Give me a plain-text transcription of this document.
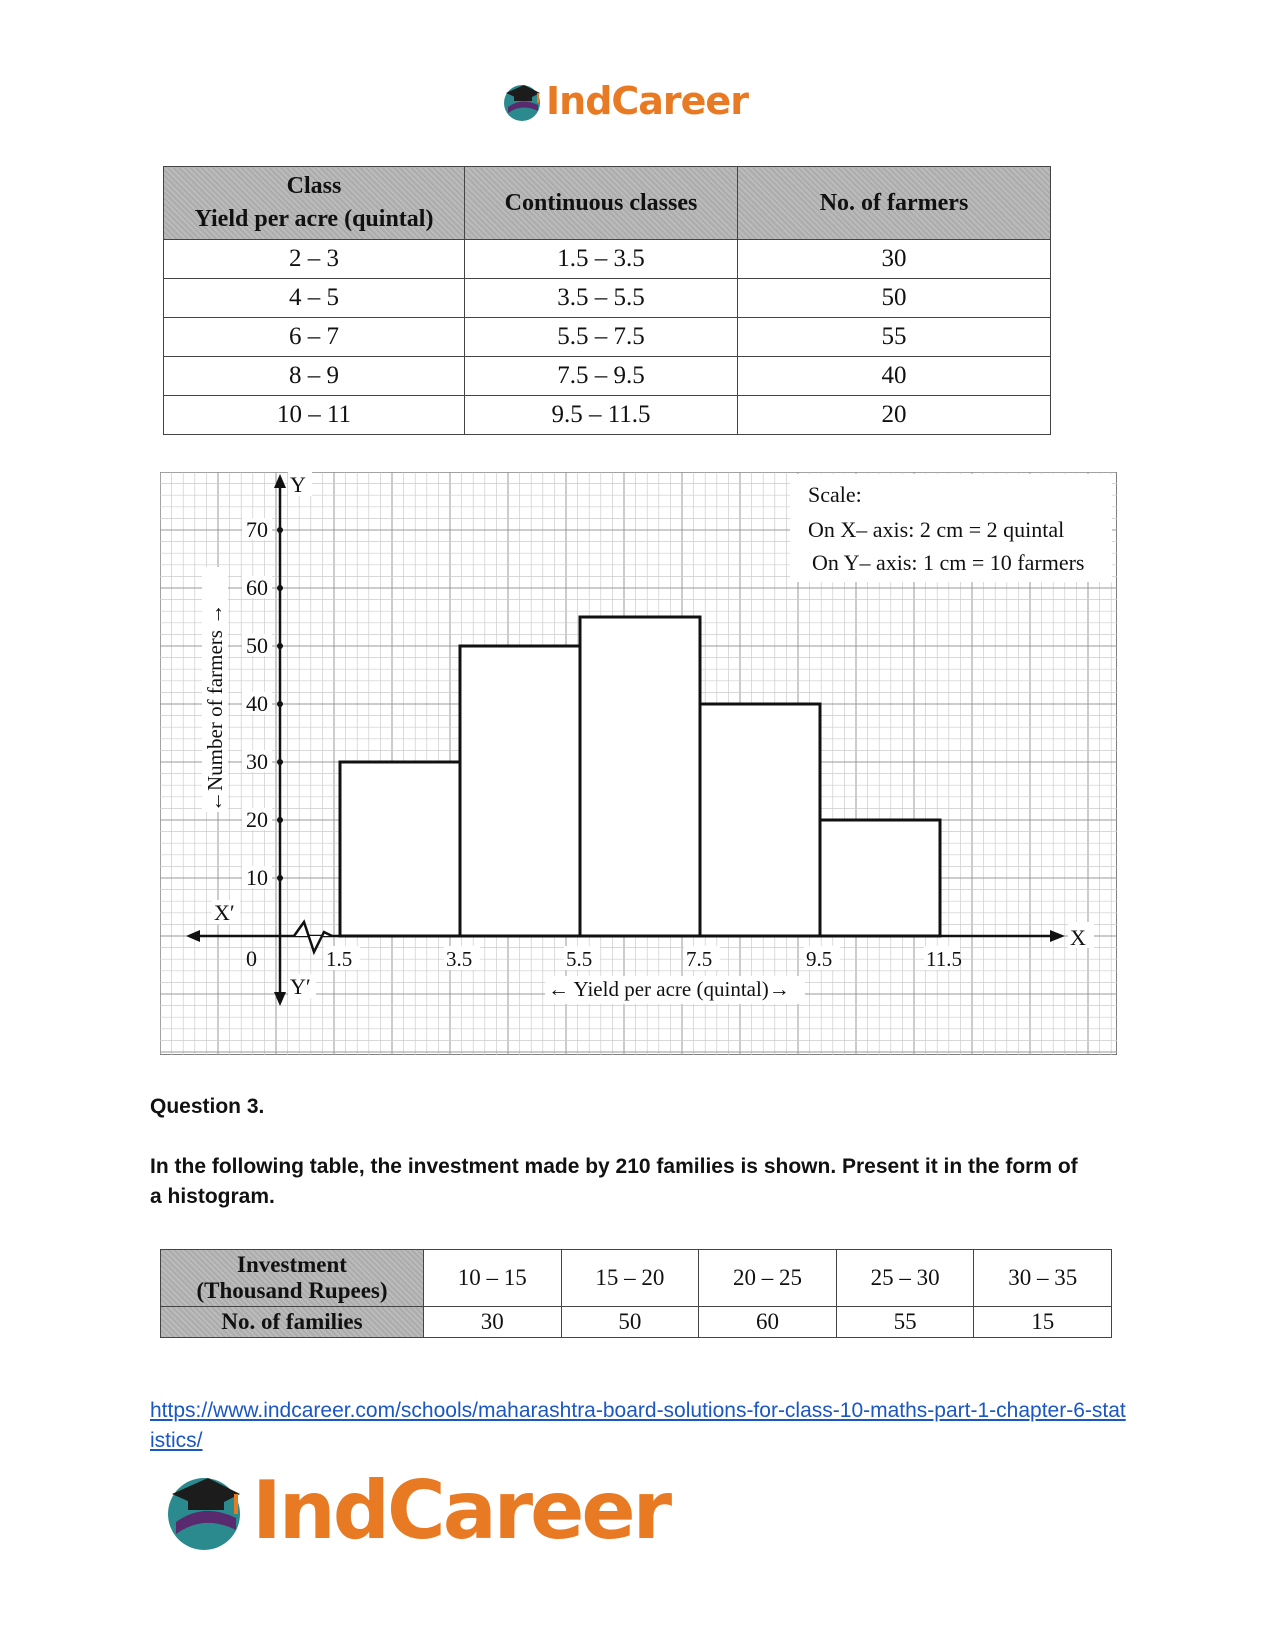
IndCareer
Class
Yield per acre (quintal)	Continuous classes	No. of farmers
2 – 3	1.5 – 3.5	30
4 – 5	3.5 – 5.5	50
6 – 7	5.5 – 7.5	55
8 – 9	7.5 – 9.5	40
10 – 11	9.5 – 11.5	20
Scale:
On X– axis: 2 cm = 2 quintal
On Y– axis: 1 cm = 10 farmers
10
20
30
40
50
60
70
1.5	3.5	5.5	7.5	9.5	11.5
Y
X
X′
Y′
0
← Yield per acre (quintal)→
←Number of farmers →
Question 3.
In the following table, the investment made by 210 families is shown. Present it in the form of a histogram.
Investment
(Thousand Rupees)	10 – 15	15 – 20	20 – 25	25 – 30	30 – 35
No. of families	30	50	60	55	15
https://www.indcareer.com/schools/maharashtra-board-solutions-for-class-10-maths-part-1-chapter-6-statistics/
IndCareer
